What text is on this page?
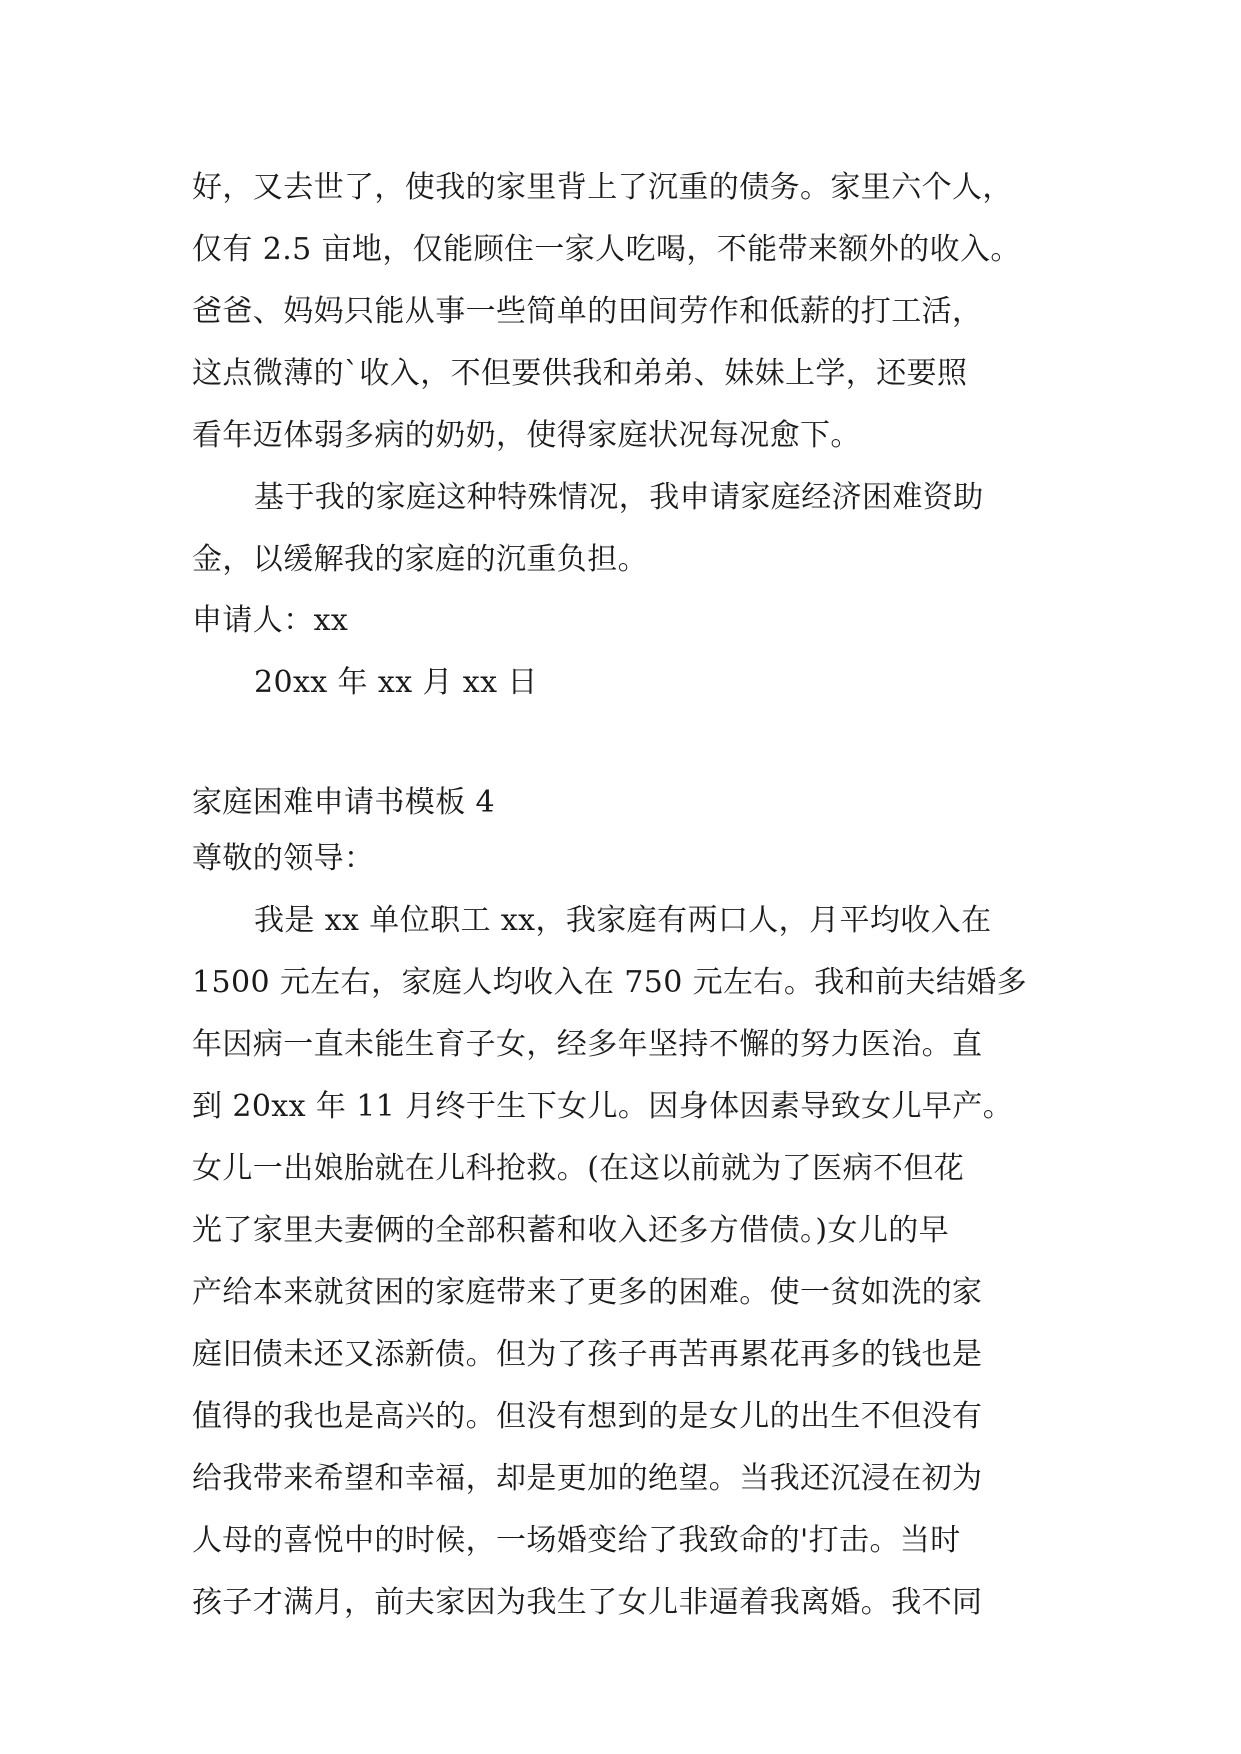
好，又去世了，使我的家里背上了沉重的债务。家里六个人，
仅有 2.5 亩地，仅能顾住一家人吃喝，不能带来额外的收入。
爸爸、妈妈只能从事一些简单的田间劳作和低薪的打工活，
这点微薄的`收入，不但要供我和弟弟、妹妹上学，还要照
看年迈体弱多病的奶奶，使得家庭状况每况愈下。
基于我的家庭这种特殊情况，我申请家庭经济困难资助
金，以缓解我的家庭的沉重负担。
申请人：xx
20xx 年 xx 月 xx 日
家庭困难申请书模板 4
尊敬的领导：
我是 xx 单位职工 xx，我家庭有两口人，月平均收入在
1500 元左右，家庭人均收入在 750 元左右。我和前夫结婚多
年因病一直未能生育子女，经多年坚持不懈的努力医治。直
到 20xx 年 11 月终于生下女儿。因身体因素导致女儿早产。
女儿一出娘胎就在儿科抢救。(在这以前就为了医病不但花
光了家里夫妻俩的全部积蓄和收入还多方借债。)女儿的早
产给本来就贫困的家庭带来了更多的困难。使一贫如洗的家
庭旧债未还又添新债。但为了孩子再苦再累花再多的钱也是
值得的我也是高兴的。但没有想到的是女儿的出生不但没有
给我带来希望和幸福，却是更加的绝望。当我还沉浸在初为
人母的喜悦中的时候，一场婚变给了我致命的'打击。当时
孩子才满月，前夫家因为我生了女儿非逼着我离婚。我不同
